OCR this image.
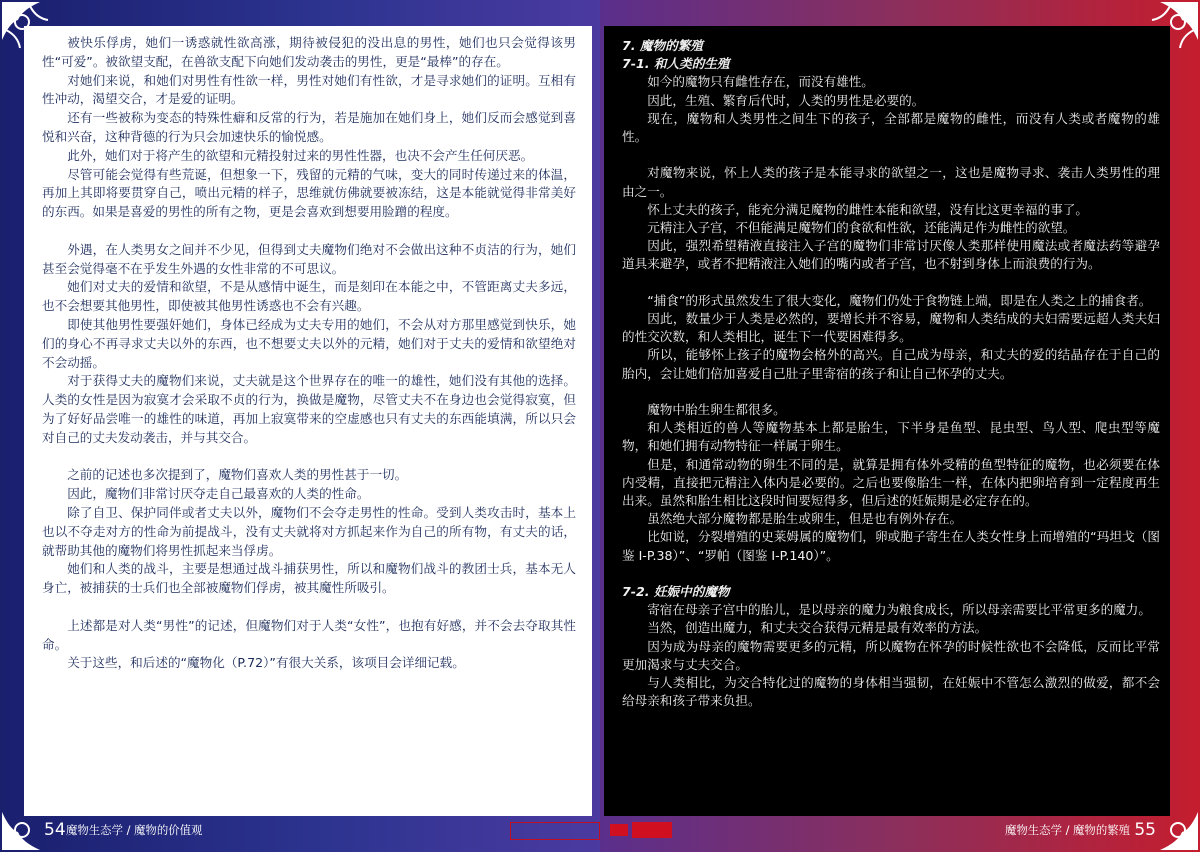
被快乐俘虏，她们一诱惑就性欲高涨，期待被侵犯的没出息的男性，她们也只会觉得该男性“可爱”。被欲望支配，在兽欲支配下向她们发动袭击的男性，更是“最棒”的存在。
对她们来说，和她们对男性有性欲一样，男性对她们有性欲，才是寻求她们的证明。互相有性冲动，渴望交合，才是爱的证明。
还有一些被称为变态的特殊性癖和反常的行为，若是施加在她们身上，她们反而会感觉到喜悦和兴奋，这种背德的行为只会加速快乐的愉悦感。
此外，她们对于将产生的欲望和元精投射过来的男性性器，也决不会产生任何厌恶。
尽管可能会觉得有些荒诞，但想象一下，残留的元精的气味，变大的同时传递过来的体温，再加上其即将要贯穿自己，喷出元精的样子，思维就仿佛就要被冻结，这是本能就觉得非常美好的东西。如果是喜爱的男性的所有之物，更是会喜欢到想要用脸蹭的程度。
外遇，在人类男女之间并不少见，但得到丈夫魔物们绝对不会做出这种不贞洁的行为，她们甚至会觉得毫不在乎发生外遇的女性非常的不可思议。
她们对丈夫的爱情和欲望，不是从感情中诞生，而是刻印在本能之中，不管距离丈夫多远，也不会想要其他男性，即使被其他男性诱惑也不会有兴趣。
即使其他男性要强奸她们，身体已经成为丈夫专用的她们，不会从对方那里感觉到快乐，她们的身心不再寻求丈夫以外的东西，也不想要丈夫以外的元精，她们对于丈夫的爱情和欲望绝对不会动摇。
对于获得丈夫的魔物们来说，丈夫就是这个世界存在的唯一的雄性，她们没有其他的选择。人类的女性是因为寂寞才会采取不贞的行为，换做是魔物，尽管丈夫不在身边也会觉得寂寞，但为了好好品尝唯一的雄性的味道，再加上寂寞带来的空虚感也只有丈夫的东西能填满，所以只会对自己的丈夫发动袭击，并与其交合。
之前的记述也多次提到了，魔物们喜欢人类的男性甚于一切。
因此，魔物们非常讨厌夺走自己最喜欢的人类的性命。
除了自卫、保护同伴或者丈夫以外，魔物们不会夺走男性的性命。受到人类攻击时，基本上也以不夺走对方的性命为前提战斗，没有丈夫就将对方抓起来作为自己的所有物，有丈夫的话，就帮助其他的魔物们将男性抓起来当俘虏。
她们和人类的战斗，主要是想通过战斗捕获男性，所以和魔物们战斗的教团士兵，基本无人身亡，被捕获的士兵们也全部被魔物们俘虏，被其魔性所吸引。
上述都是对人类“男性”的记述，但魔物们对于人类“女性”，也抱有好感，并不会去夺取其性命。
关于这些，和后述的“魔物化（P.72）”有很大关系，该项目会详细记载。
7. 魔物的繁殖
7-1. 和人类的生殖
如今的魔物只有雌性存在，而没有雄性。
因此，生殖、繁育后代时，人类的男性是必要的。
现在，魔物和人类男性之间生下的孩子，全部都是魔物的雌性，而没有人类或者魔物的雄性。
对魔物来说，怀上人类的孩子是本能寻求的欲望之一，这也是魔物寻求、袭击人类男性的理由之一。
怀上丈夫的孩子，能充分满足魔物的雌性本能和欲望，没有比这更幸福的事了。
元精注入子宫，不但能满足魔物们的食欲和性欲，还能满足作为雌性的欲望。
因此，强烈希望精液直接注入子宫的魔物们非常讨厌像人类那样使用魔法或者魔法药等避孕道具来避孕，或者不把精液注入她们的嘴内或者子宫，也不射到身体上而浪费的行为。
“捕食”的形式虽然发生了很大变化，魔物们仍处于食物链上端，即是在人类之上的捕食者。
因此，数量少于人类是必然的，要增长并不容易，魔物和人类结成的夫妇需要远超人类夫妇的性交次数，和人类相比，诞生下一代要困难得多。
所以，能够怀上孩子的魔物会格外的高兴。自己成为母亲，和丈夫的爱的结晶存在于自己的胎内，会让她们倍加喜爱自己肚子里寄宿的孩子和让自己怀孕的丈夫。
魔物中胎生卵生都很多。
和人类相近的兽人等魔物基本上都是胎生，下半身是鱼型、昆虫型、鸟人型、爬虫型等魔物，和她们拥有动物特征一样属于卵生。
但是，和通常动物的卵生不同的是，就算是拥有体外受精的鱼型特征的魔物，也必须要在体内受精，直接把元精注入体内是必要的。之后也要像胎生一样，在体内把卵培育到一定程度再生出来。虽然和胎生相比这段时间要短得多，但后述的妊娠期是必定存在的。
虽然绝大部分魔物都是胎生或卵生，但是也有例外存在。
比如说，分裂增殖的史莱姆属的魔物们，卵或胞子寄生在人类女性身上而增殖的“玛坦戈（图鉴 I-P.38）”、“罗帕（图鉴 I-P.140）”。
7-2. 妊娠中的魔物
寄宿在母亲子宫中的胎儿，是以母亲的魔力为粮食成长，所以母亲需要比平常更多的魔力。
当然，创造出魔力，和丈夫交合获得元精是最有效率的方法。
因为成为母亲的魔物需要更多的元精，所以魔物在怀孕的时候性欲也不会降低，反而比平常更加渴求与丈夫交合。
与人类相比，为交合特化过的魔物的身体相当强韧，在妊娠中不管怎么激烈的做爱，都不会给母亲和孩子带来负担。
54 魔物生态学 / 魔物的价值观	魔物生态学 / 魔物的繁殖 55
